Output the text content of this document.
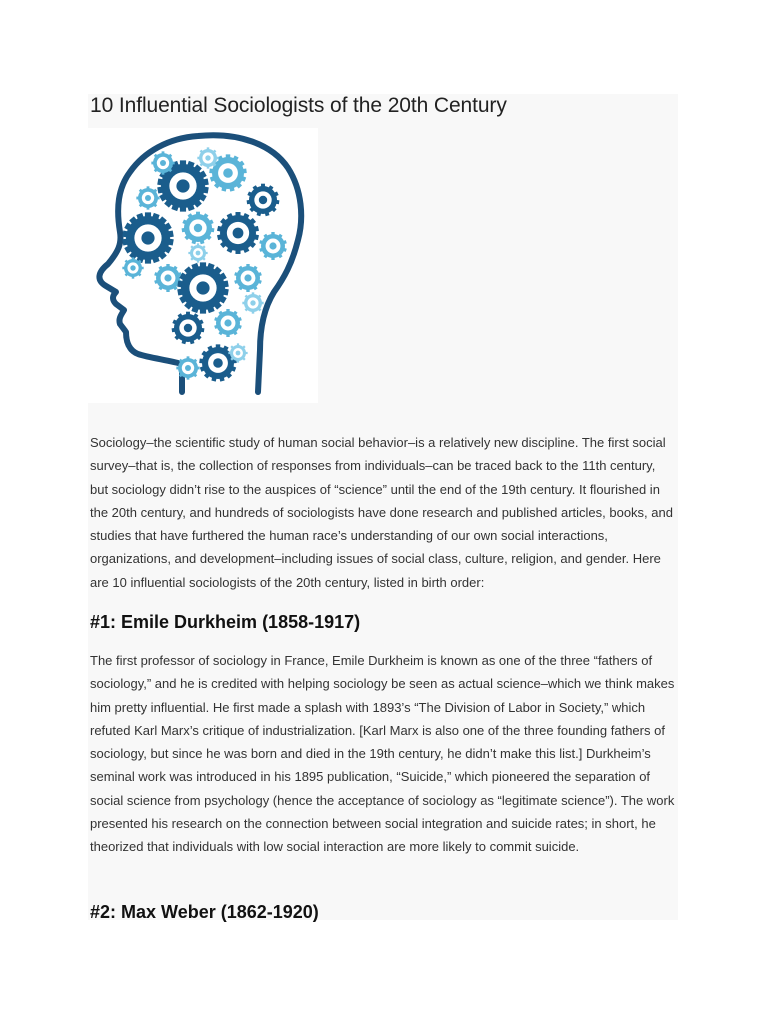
10 Influential Sociologists of the 20th Century

Sociology–the scientific study of human social behavior–is a relatively new discipline. The first social survey–that is, the collection of responses from individuals–can be traced back to the 11th century, but sociology didn’t rise to the auspices of “science” until the end of the 19th century. It flourished in the 20th century, and hundreds of sociologists have done research and published articles, books, and studies that have furthered the human race’s understanding of our own social interactions, organizations, and development–including issues of social class, culture, religion, and gender. Here are 10 influential sociologists of the 20th century, listed in birth order:

#1: Emile Durkheim (1858-1917)

The first professor of sociology in France, Emile Durkheim is known as one of the three “fathers of sociology,” and he is credited with helping sociology be seen as actual science–which we think makes him pretty influential. He first made a splash with 1893’s “The Division of Labor in Society,” which refuted Karl Marx’s critique of industrialization. [Karl Marx is also one of the three founding fathers of sociology, but since he was born and died in the 19th century, he didn’t make this list.] Durkheim’s seminal work was introduced in his 1895 publication, “Suicide,” which pioneered the separation of social science from psychology (hence the acceptance of sociology as “legitimate science”). The work presented his research on the connection between social integration and suicide rates; in short, he theorized that individuals with low social interaction are more likely to commit suicide.

#2: Max Weber (1862-1920)
